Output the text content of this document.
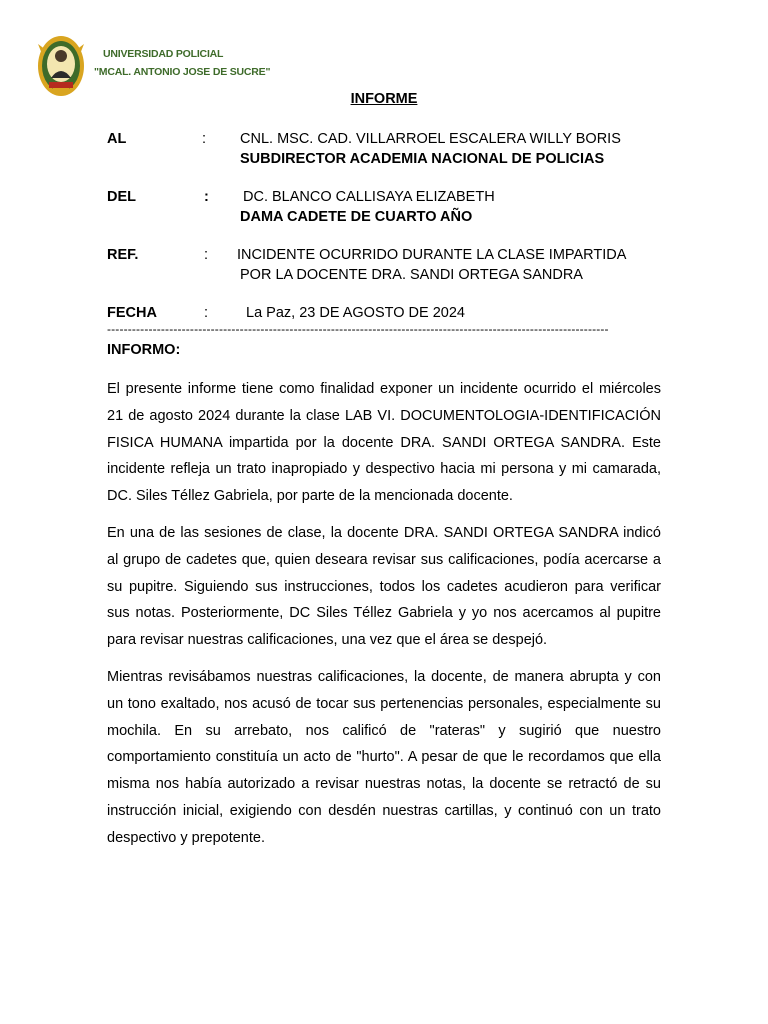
UNIVERSIDAD POLICIAL
"MCAL. ANTONIO JOSE DE SUCRE"
INFORME
AL	: CNL. MSC. CAD. VILLARROEL ESCALERA WILLY BORIS
SUBDIRECTOR ACADEMIA NACIONAL DE POLICIAS
DEL	: DC. BLANCO CALLISAYA ELIZABETH
DAMA CADETE DE CUARTO AÑO
REF.	: INCIDENTE OCURRIDO DURANTE LA CLASE IMPARTIDA
POR LA DOCENTE DRA. SANDI ORTEGA SANDRA
FECHA	:	La Paz, 23 DE AGOSTO DE 2024
-------------------------------------------------------------------------------------------------------------------------
INFORMO:

El presente informe tiene como finalidad exponer un incidente ocurrido el miércoles 21 de agosto 2024 durante la clase LAB VI. DOCUMENTOLOGIA-IDENTIFICACIÓN FISICA HUMANA impartida por la docente DRA. SANDI ORTEGA SANDRA. Este incidente refleja un trato inapropiado y despectivo hacia mi persona y mi camarada, DC. Siles Téllez Gabriela, por parte de la mencionada docente.

En una de las sesiones de clase, la docente DRA. SANDI ORTEGA SANDRA indicó al grupo de cadetes que, quien deseara revisar sus calificaciones, podía acercarse a su pupitre. Siguiendo sus instrucciones, todos los cadetes acudieron para verificar sus notas. Posteriormente, DC Siles Téllez Gabriela y yo nos acercamos al pupitre para revisar nuestras calificaciones, una vez que el área se despejó.

Mientras revisábamos nuestras calificaciones, la docente, de manera abrupta y con un tono exaltado, nos acusó de tocar sus pertenencias personales, especialmente su mochila. En su arrebato, nos calificó de "rateras" y sugirió que nuestro comportamiento constituía un acto de "hurto". A pesar de que le recordamos que ella misma nos había autorizado a revisar nuestras notas, la docente se retractó de su instrucción inicial, exigiendo con desdén nuestras cartillas, y continuó con un trato despectivo y prepotente.
